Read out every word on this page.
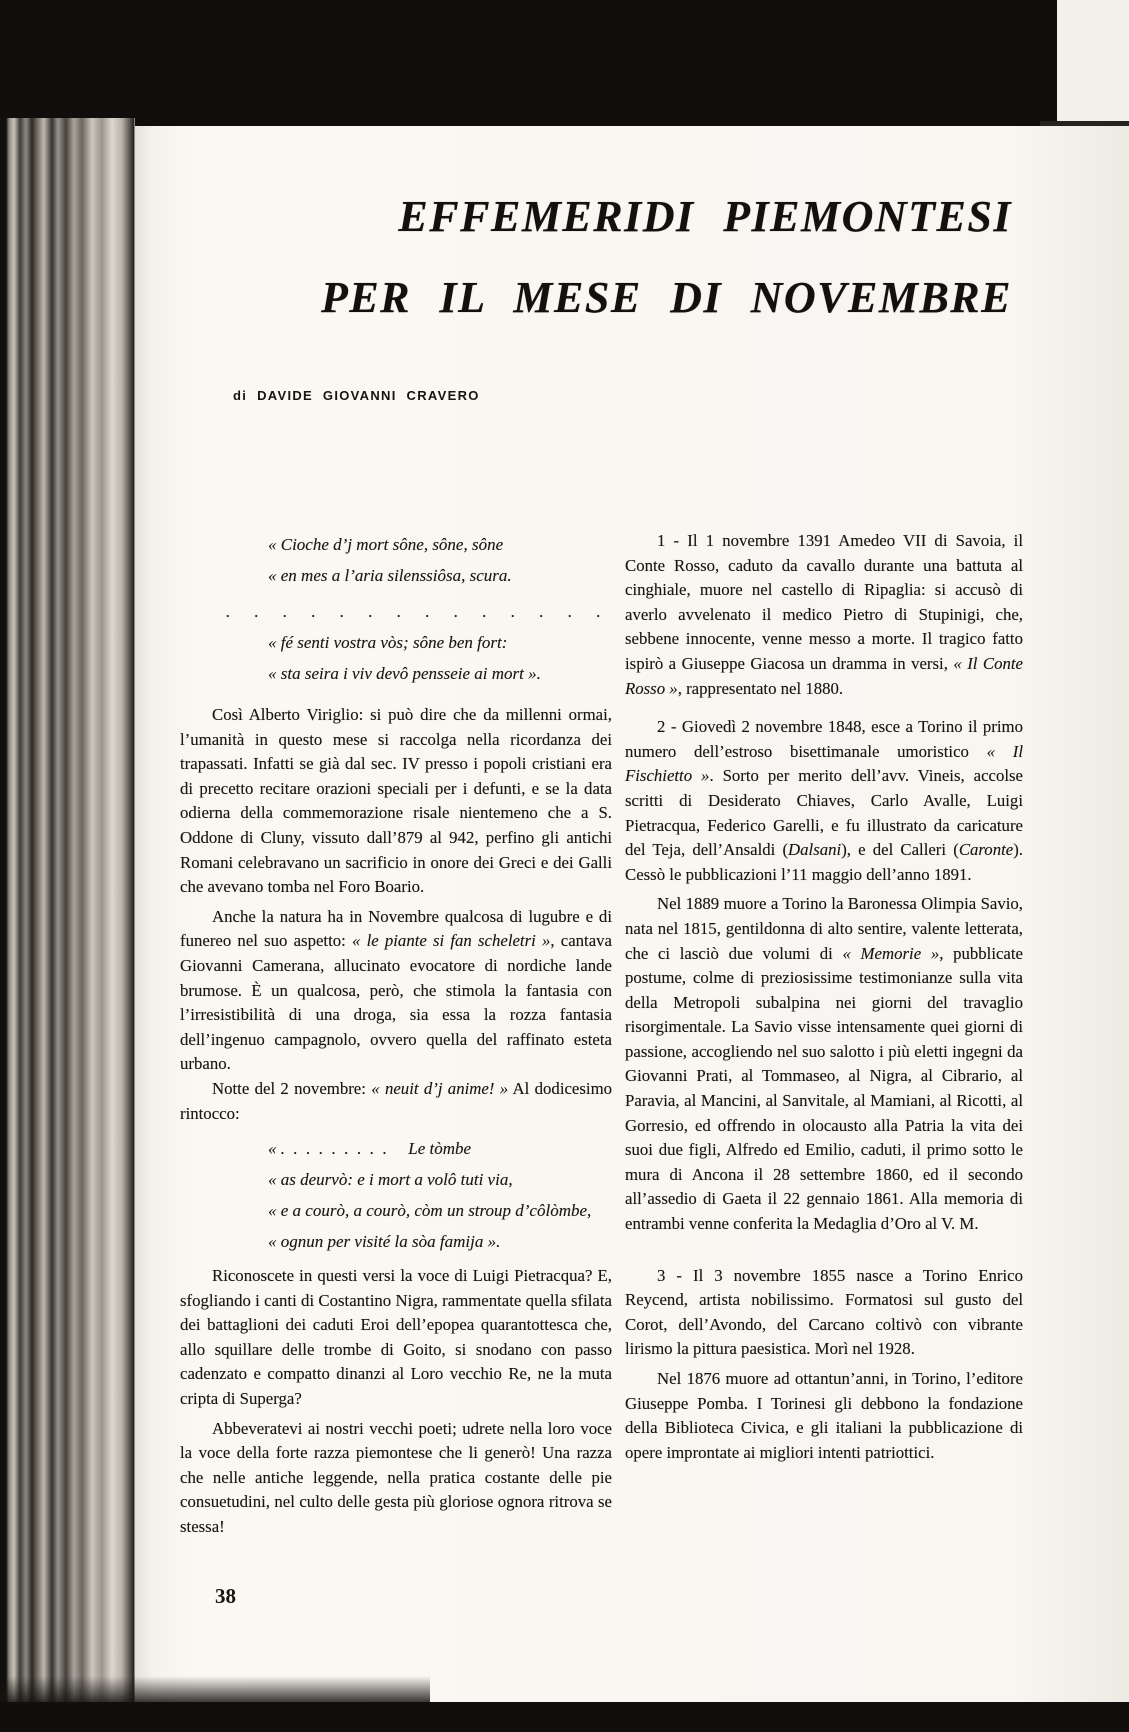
EFFEMERIDI PIEMONTESI
PER IL MESE DI NOVEMBRE
di DAVIDE GIOVANNI CRAVERO
« Cioche d’j mort sône, sône, sône
« en mes a l’aria silenssiôsa, scura.
. . . . . . . . . . . . . .
« fé senti vostra vòs; sône ben fort:
« sta seira i viv devô pensseie ai mort ».

Così Alberto Viriglio: si può dire che da millenni ormai, l’umanità in questo mese si raccolga nella ricordanza dei trapassati. Infatti se già dal sec. IV presso i popoli cristiani era di precetto recitare orazioni speciali per i defunti, e se la data odierna della commemorazione risale nientemeno che a S. Oddone di Cluny, vissuto dall’879 al 942, perfino gli antichi Romani celebravano un sacrificio in onore dei Greci e dei Galli che avevano tomba nel Foro Boario.

Anche la natura ha in Novembre qualcosa di lugubre e di funereo nel suo aspetto: « le piante si fan scheletri », cantava Giovanni Camerana, allucinato evocatore di nordiche lande brumose. È un qualcosa, però, che stimola la fantasia con l’irresistibilità di una droga, sia essa la rozza fantasia dell’ingenuo campagnolo, ovvero quella del raffinato esteta urbano.

Notte del 2 novembre: « neuit d’j anime! » Al dodicesimo rintocco:

« . . . . . . . . .  Le tòmbe
« as deurvò: e i mort a volô tuti via,
« e a courò, a courò, còm un stroup d’côlòmbe,
« ognun per visité la sòa famija ».

Riconoscete in questi versi la voce di Luigi Pietracqua? E, sfogliando i canti di Costantino Nigra, rammentate quella sfilata dei battaglioni dei caduti Eroi dell’epopea quarantottesca che, allo squillare delle trombe di Goito, si snodano con passo cadenzato e compatto dinanzi al Loro vecchio Re, ne la muta cripta di Superga?

Abbeveratevi ai nostri vecchi poeti; udrete nella loro voce la voce della forte razza piemontese che li generò! Una razza che nelle antiche leggende, nella pratica costante delle pie consuetudini, nel culto delle gesta più gloriose ognora ritrova se stessa!

1 - Il 1 novembre 1391 Amedeo VII di Savoia, il Conte Rosso, caduto da cavallo durante una battuta al cinghiale, muore nel castello di Ripaglia: si accusò di averlo avvelenato il medico Pietro di Stupinigi, che, sebbene innocente, venne messo a morte. Il tragico fatto ispirò a Giuseppe Giacosa un dramma in versi, « Il Conte Rosso », rappresentato nel 1880.

2 - Giovedì 2 novembre 1848, esce a Torino il primo numero dell’estroso bisettimanale umoristico « Il Fischietto ». Sorto per merito dell’avv. Vineis, accolse scritti di Desiderato Chiaves, Carlo Avalle, Luigi Pietracqua, Federico Garelli, e fu illustrato da caricature del Teja, dell’Ansaldi (Dalsani), e del Calleri (Caronte). Cessò le pubblicazioni l’11 maggio dell’anno 1891.

Nel 1889 muore a Torino la Baronessa Olimpia Savio, nata nel 1815, gentildonna di alto sentire, valente letterata, che ci lasciò due volumi di « Memorie », pubblicate postume, colme di preziosissime testimonianze sulla vita della Metropoli subalpina nei giorni del travaglio risorgimentale. La Savio visse intensamente quei giorni di passione, accogliendo nel suo salotto i più eletti ingegni da Giovanni Prati, al Tommaseo, al Nigra, al Cibrario, al Paravia, al Mancini, al Sanvitale, al Mamiani, al Ricotti, al Gorresio, ed offrendo in olocausto alla Patria la vita dei suoi due figli, Alfredo ed Emilio, caduti, il primo sotto le mura di Ancona il 28 settembre 1860, ed il secondo all’assedio di Gaeta il 22 gennaio 1861. Alla memoria di entrambi venne conferita la Medaglia d’Oro al V. M.

3 - Il 3 novembre 1855 nasce a Torino Enrico Reycend, artista nobilissimo. Formatosi sul gusto del Corot, dell’Avondo, del Carcano coltivò con vibrante lirismo la pittura paesistica. Morì nel 1928.

Nel 1876 muore ad ottantun’anni, in Torino, l’editore Giuseppe Pomba. I Torinesi gli debbono la fondazione della Biblioteca Civica, e gli italiani la pubblicazione di opere improntate ai migliori intenti patriottici.

38
